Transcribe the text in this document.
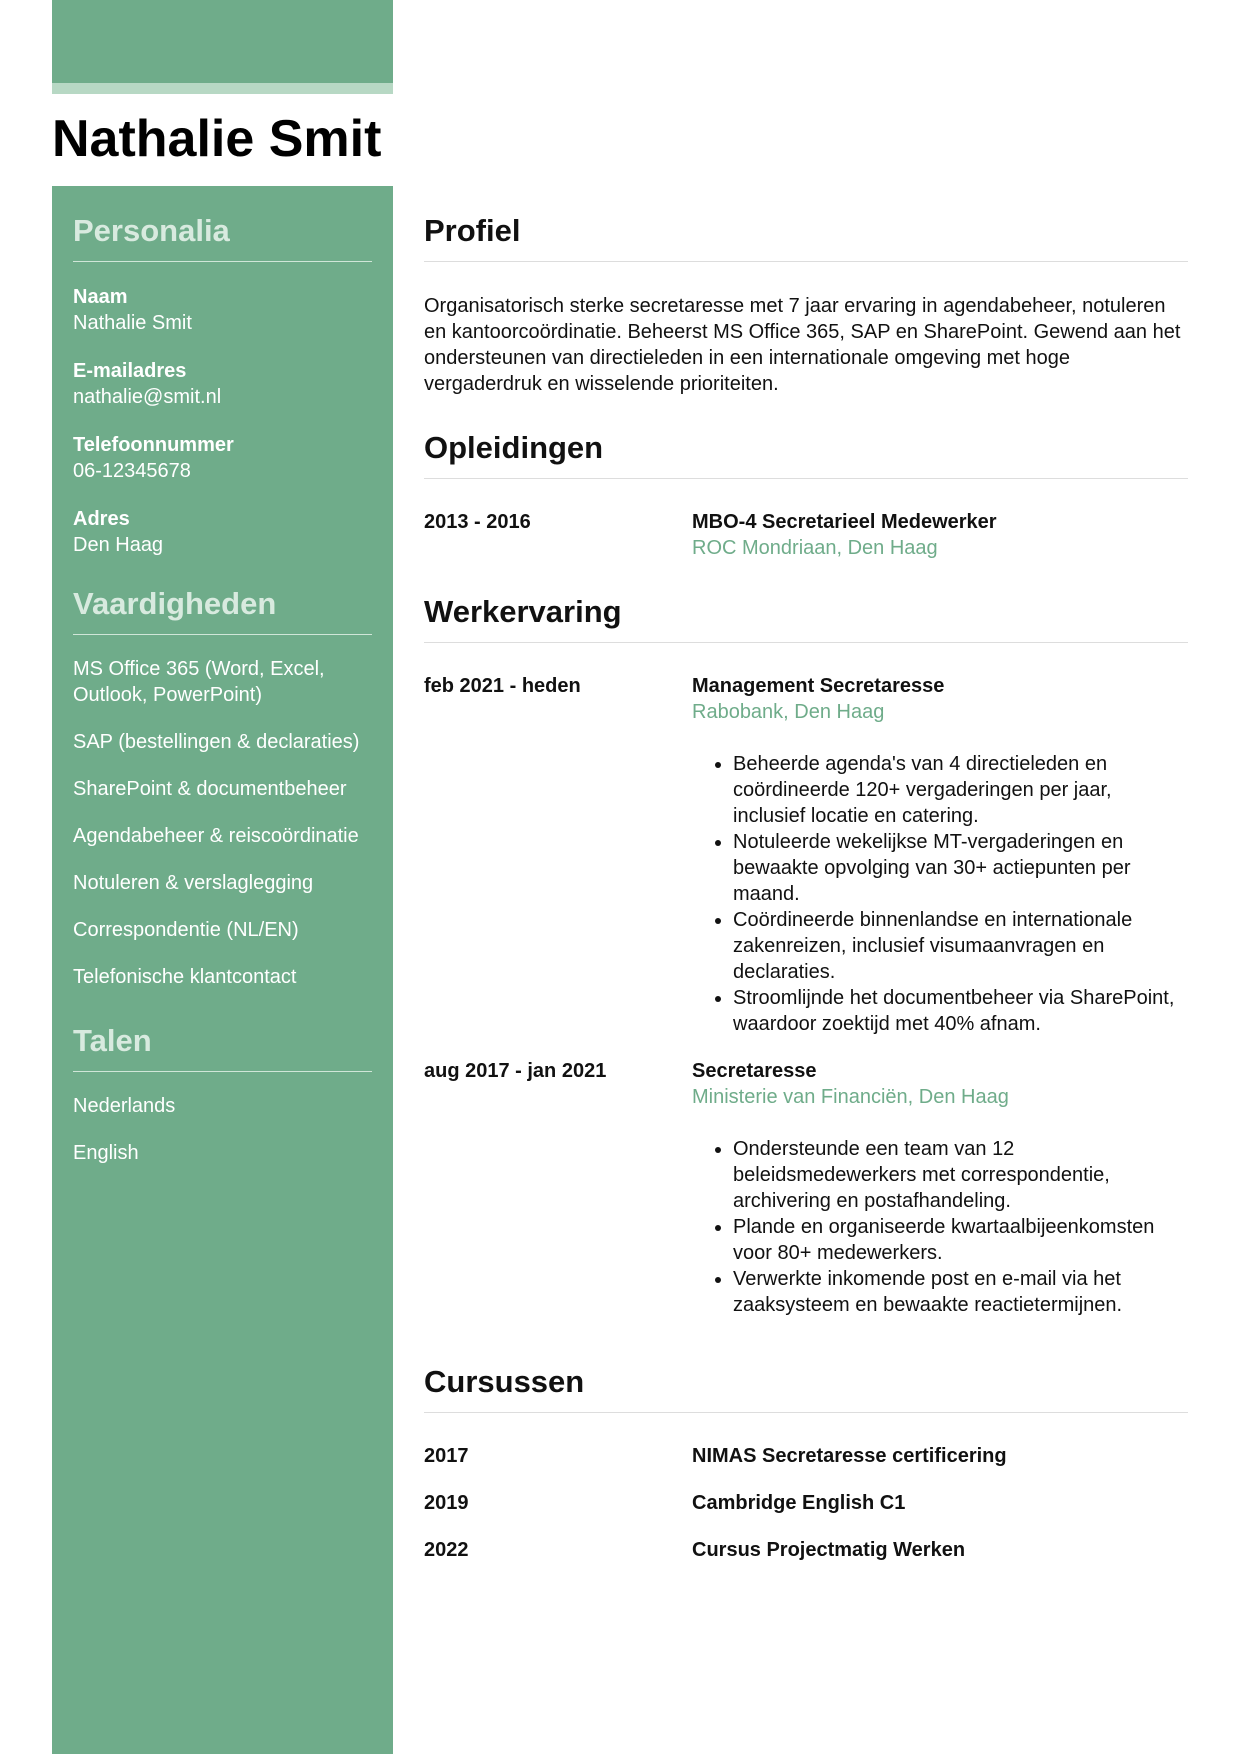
Nathalie Smit
Personalia
Naam
Nathalie Smit
E-mailadres
nathalie@smit.nl
Telefoonnummer
06-12345678
Adres
Den Haag
Vaardigheden
MS Office 365 (Word, Excel, Outlook, PowerPoint)
SAP (bestellingen & declaraties)
SharePoint & documentbeheer
Agendabeheer & reiscoördinatie
Notuleren & verslaglegging
Correspondentie (NL/EN)
Telefonische klantcontact
Talen
Nederlands
English
Profiel

Organisatorisch sterke secretaresse met 7 jaar ervaring in agendabeheer, notuleren en kantoorcoördinatie. Beheerst MS Office 365, SAP en SharePoint. Gewend aan het ondersteunen van directieleden in een internationale omgeving met hoge vergaderdruk en wisselende prioriteiten.

Opleidingen
2013 - 2016	MBO-4 Secretarieel Medewerker
ROC Mondriaan, Den Haag
Werkervaring
feb 2021 - heden	Management Secretaresse
Rabobank, Den Haag
• Beheerde agenda's van 4 directieleden en coördineerde 120+ vergaderingen per jaar, inclusief locatie en catering.
• Notuleerde wekelijkse MT-vergaderingen en bewaakte opvolging van 30+ actiepunten per maand.
• Coördineerde binnenlandse en internationale zakenreizen, inclusief visumaanvragen en declaraties.
• Stroomlijnde het documentbeheer via SharePoint, waardoor zoektijd met 40% afnam.
aug 2017 - jan 2021	Secretaresse
Ministerie van Financiën, Den Haag
• Ondersteunde een team van 12 beleidsmedewerkers met correspondentie, archivering en postafhandeling.
• Plande en organiseerde kwartaalbijeenkomsten voor 80+ medewerkers.
• Verwerkte inkomende post en e-mail via het zaaksysteem en bewaakte reactietermijnen.
Cursussen
2017	NIMAS Secretaresse certificering
2019	Cambridge English C1
2022	Cursus Projectmatig Werken
